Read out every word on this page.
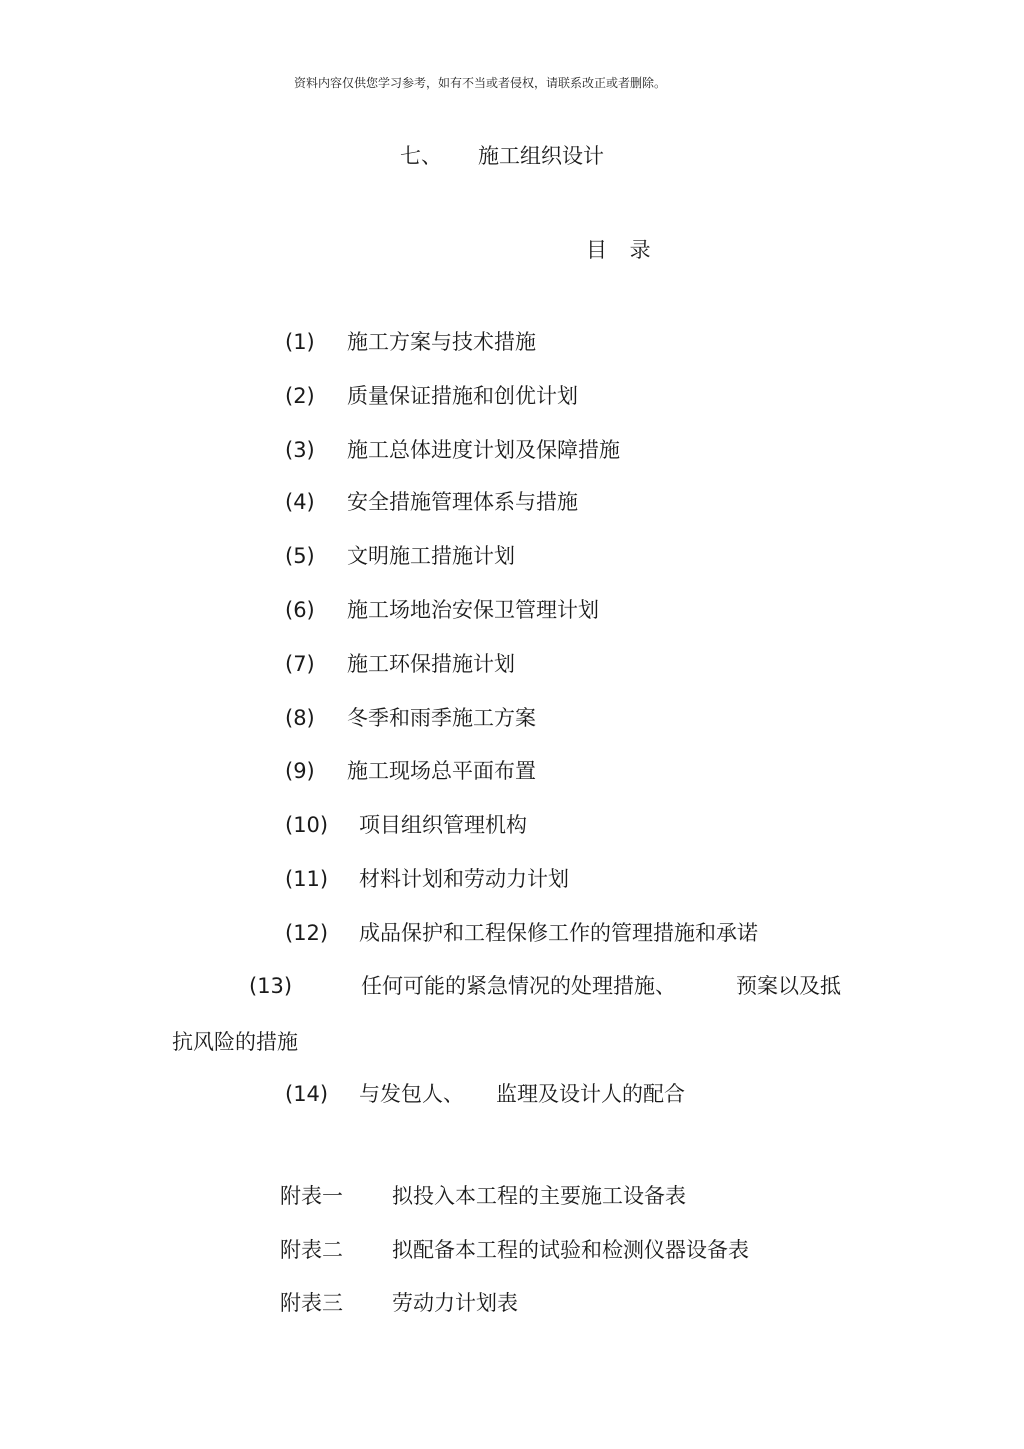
资料内容仅供您学习参考，如有不当或者侵权，请联系改正或者删除。
七、 施工组织设计
目 录
(1) 施工方案与技术措施
(2) 质量保证措施和创优计划
(3) 施工总体进度计划及保障措施
(4) 安全措施管理体系与措施
(5) 文明施工措施计划
(6) 施工场地治安保卫管理计划
(7) 施工环保措施计划
(8) 冬季和雨季施工方案
(9) 施工现场总平面布置
(10) 项目组织管理机构
(11) 材料计划和劳动力计划
(12) 成品保护和工程保修工作的管理措施和承诺
(13)	任何可能的紧急情况的处理措施、	预案以及抵
抗风险的措施
(14) 与发包人、 监理及设计人的配合
附表一 拟投入本工程的主要施工设备表
附表二 拟配备本工程的试验和检测仪器设备表
附表三 劳动力计划表
